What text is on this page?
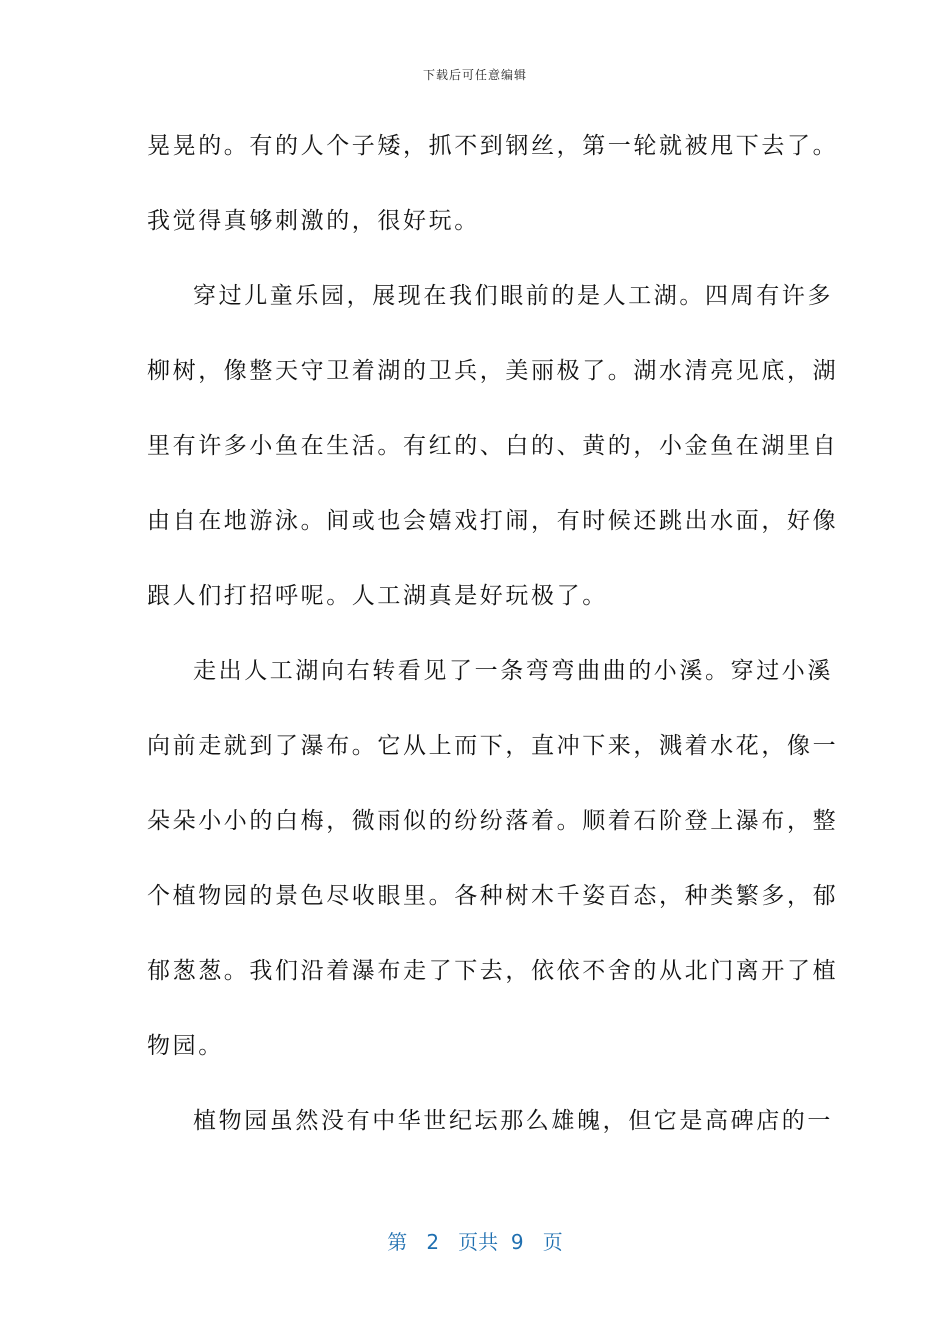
下载后可任意编辑
晃晃的。有的人个子矮，抓不到钢丝，第一轮就被甩下去了。
我觉得真够刺激的，很好玩。
穿过儿童乐园，展现在我们眼前的是人工湖。四周有许多
柳树，像整天守卫着湖的卫兵，美丽极了。湖水清亮见底，湖
里有许多小鱼在生活。有红的、白的、黄的，小金鱼在湖里自
由自在地游泳。间或也会嬉戏打闹，有时候还跳出水面，好像
跟人们打招呼呢。人工湖真是好玩极了。
走出人工湖向右转看见了一条弯弯曲曲的小溪。穿过小溪
向前走就到了瀑布。它从上而下，直冲下来，溅着水花，像一
朵朵小小的白梅，微雨似的纷纷落着。顺着石阶登上瀑布，整
个植物园的景色尽收眼里。各种树木千姿百态，种类繁多，郁
郁葱葱。我们沿着瀑布走了下去，依依不舍的从北门离开了植
物园。
植物园虽然没有中华世纪坛那么雄魄，但它是高碑店的一
第 2 页共 9 页
